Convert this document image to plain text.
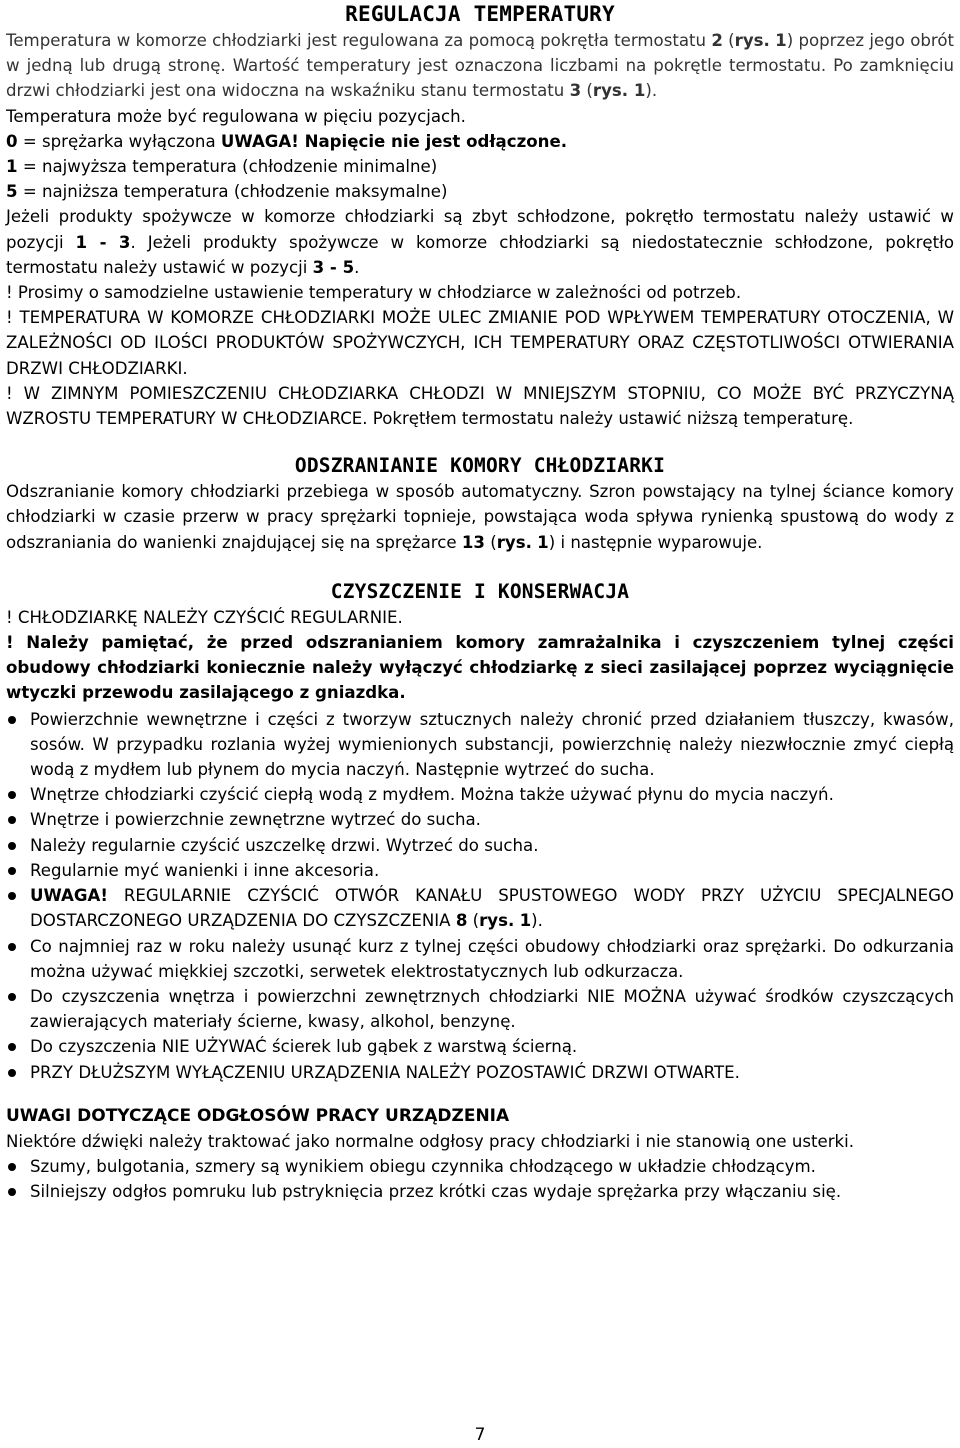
REGULACJA TEMPERATURY

Temperatura w komorze chłodziarki jest regulowana za pomocą pokrętła termostatu 2 (rys. 1) poprzez jego obrót w jedną lub drugą stronę. Wartość temperatury jest oznaczona liczbami na pokrętle termostatu. Po zamknięciu drzwi chłodziarki jest ona widoczna na wskaźniku stanu termostatu 3 (rys. 1).

Temperatura może być regulowana w pięciu pozycjach.

0 = sprężarka wyłączona UWAGA! Napięcie nie jest odłączone.

1 = najwyższa temperatura (chłodzenie minimalne)

5 = najniższa temperatura (chłodzenie maksymalne)

Jeżeli produkty spożywcze w komorze chłodziarki są zbyt schłodzone, pokrętło termostatu należy ustawić w pozycji 1 - 3. Jeżeli produkty spożywcze w komorze chłodziarki są niedostatecznie schłodzone, pokrętło termostatu należy ustawić w pozycji 3 - 5.

! Prosimy o samodzielne ustawienie temperatury w chłodziarce w zależności od potrzeb.

! TEMPERATURA W KOMORZE CHŁODZIARKI MOŻE ULEC ZMIANIE POD WPŁYWEM TEMPERATURY OTOCZENIA, W ZALEŻNOŚCI OD ILOŚCI PRODUKTÓW SPOŻYWCZYCH, ICH TEMPERATURY ORAZ CZĘSTOTLIWOŚCI OTWIERANIA DRZWI CHŁODZIARKI.

! W ZIMNYM POMIESZCZENIU CHŁODZIARKA CHŁODZI W MNIEJSZYM STOPNIU, CO MOŻE BYĆ PRZYCZYNĄ WZROSTU TEMPERATURY W CHŁODZIARCE. Pokrętłem termostatu należy ustawić niższą temperaturę.

ODSZRANIANIE KOMORY CHŁODZIARKI

Odszranianie komory chłodziarki przebiega w sposób automatyczny. Szron powstający na tylnej ściance komory chłodziarki w czasie przerw w pracy sprężarki topnieje, powstająca woda spływa rynienką spustową do wody z odszraniania do wanienki znajdującej się na sprężarce 13 (rys. 1) i następnie wyparowuje.

CZYSZCZENIE I KONSERWACJA

! CHŁODZIARKĘ NALEŻY CZYŚCIĆ REGULARNIE.

! Należy pamiętać, że przed odszranianiem komory zamrażalnika i czyszczeniem tylnej części obudowy chłodziarki koniecznie należy wyłączyć chłodziarkę z sieci zasilającej poprzez wyciągnięcie wtyczki przewodu zasilającego z gniazdka.

Powierzchnie wewnętrzne i części z tworzyw sztucznych należy chronić przed działaniem tłuszczy, kwasów, sosów. W przypadku rozlania wyżej wymienionych substancji, powierzchnię należy niezwłocznie zmyć ciepłą wodą z mydłem lub płynem do mycia naczyń. Następnie wytrzeć do sucha.
Wnętrze chłodziarki czyścić ciepłą wodą z mydłem. Można także używać płynu do mycia naczyń.
Wnętrze i powierzchnie zewnętrzne wytrzeć do sucha.
Należy regularnie czyścić uszczelkę drzwi. Wytrzeć do sucha.
Regularnie myć wanienki i inne akcesoria.
UWAGA! REGULARNIE CZYŚCIĆ OTWÓR KANAŁU SPUSTOWEGO WODY PRZY UŻYCIU SPECJALNEGO DOSTARCZONEGO URZĄDZENIA DO CZYSZCZENIA 8 (rys. 1).
Co najmniej raz w roku należy usunąć kurz z tylnej części obudowy chłodziarki oraz sprężarki. Do odkurzania można używać miękkiej szczotki, serwetek elektrostatycznych lub odkurzacza.
Do czyszczenia wnętrza i powierzchni zewnętrznych chłodziarki NIE MOŻNA używać środków czyszczących zawierających materiały ścierne, kwasy, alkohol, benzynę.
Do czyszczenia NIE UŻYWAĆ ścierek lub gąbek z warstwą ścierną.
PRZY DŁUŻSZYM WYŁĄCZENIU URZĄDZENIA NALEŻY POZOSTAWIĆ DRZWI OTWARTE.
UWAGI DOTYCZĄCE ODGŁOSÓW PRACY URZĄDZENIA

Niektóre dźwięki należy traktować jako normalne odgłosy pracy chłodziarki i nie stanowią one usterki.

Szumy, bulgotania, szmery są wynikiem obiegu czynnika chłodzącego w układzie chłodzącym.
Silniejszy odgłos pomruku lub pstryknięcia przez krótki czas wydaje sprężarka przy włączaniu się.
7
